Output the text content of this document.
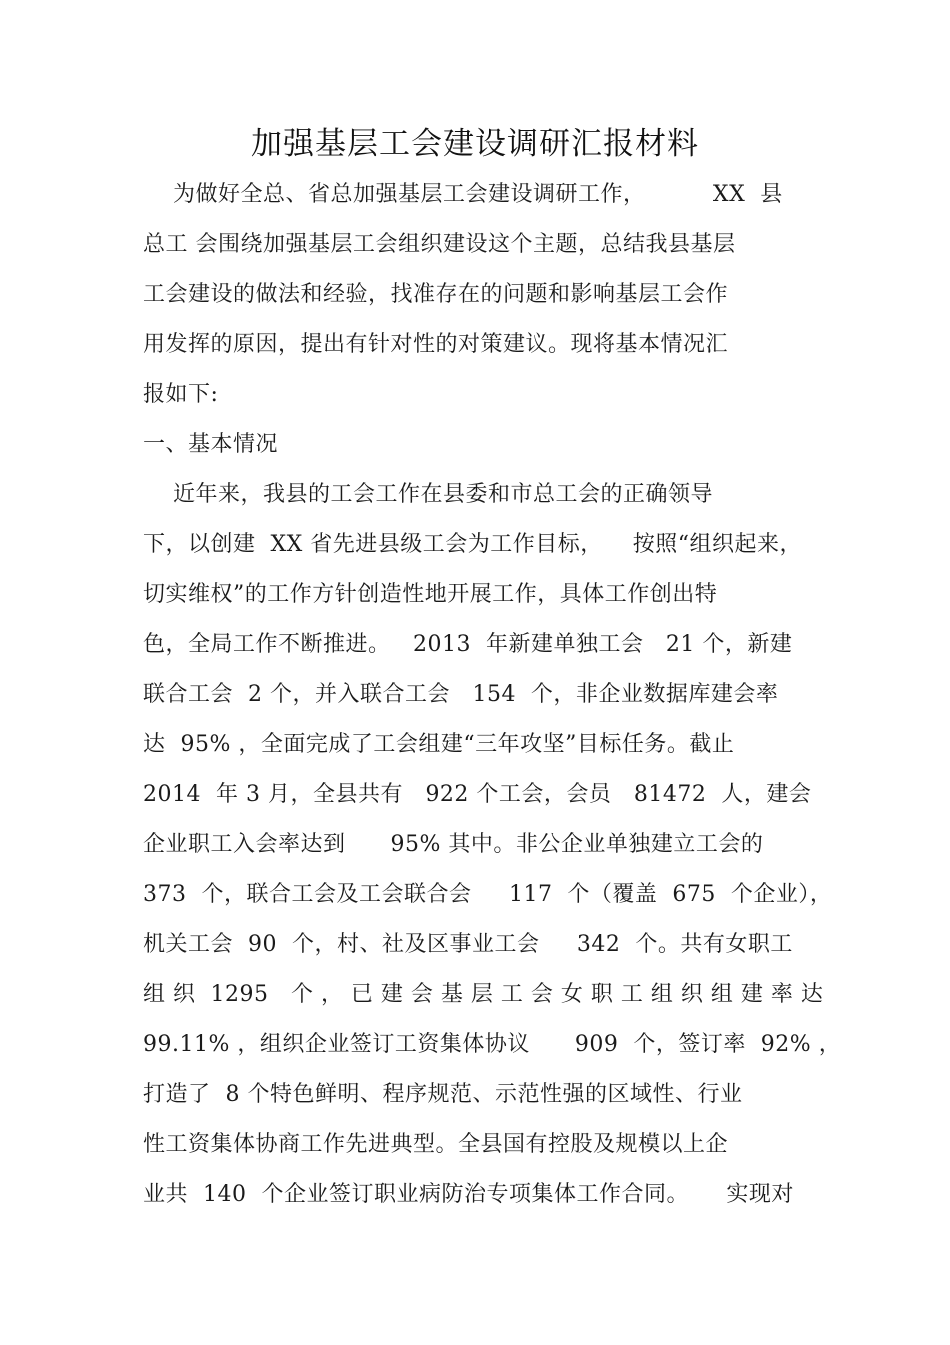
加强基层工会建设调研汇报材料
为做好全总、省总加强基层工会建设调研工作，         XX  县
总工 会围绕加强基层工会组织建设这个主题，总结我县基层
工会建设的做法和经验，找准存在的问题和影响基层工会作
用发挥的原因，提出有针对性的对策建议。现将基本情况汇
报如下:
一、基本情况
近年来，我县的工会工作在县委和市总工会的正确领导
下，以创建  XX 省先进县级工会为工作目标，    按照“组织起来，
切实维权”的工作方针创造性地开展工作，具体工作创出特
色，全局工作不断推进。   2013  年新建单独工会   21 个，新建
联合工会  2 个，并入联合工会   154  个，非企业数据库建会率
达  95% ，全面完成了工会组建“三年攻坚”目标任务。截止
2014  年 3 月，全县共有   922 个工会，会员   81472  人，建会
企业职工入会率达到      95% 其中。非公企业单独建立工会的
373  个，联合工会及工会联合会     117  个（覆盖  675  个企业），
机关工会  90  个，村、社及区事业工会     342  个。共有女职工
组 织  1295   个 ， 已 建 会 基 层 工 会 女 职 工 组 织 组 建 率 达
99.11% ，组织企业签订工资集体协议      909  个，签订率  92% ，
打造了  8 个特色鲜明、程序规范、示范性强的区域性、行业
性工资集体协商工作先进典型。全县国有控股及规模以上企
业共  140  个企业签订职业病防治专项集体工作合同。     实现对
